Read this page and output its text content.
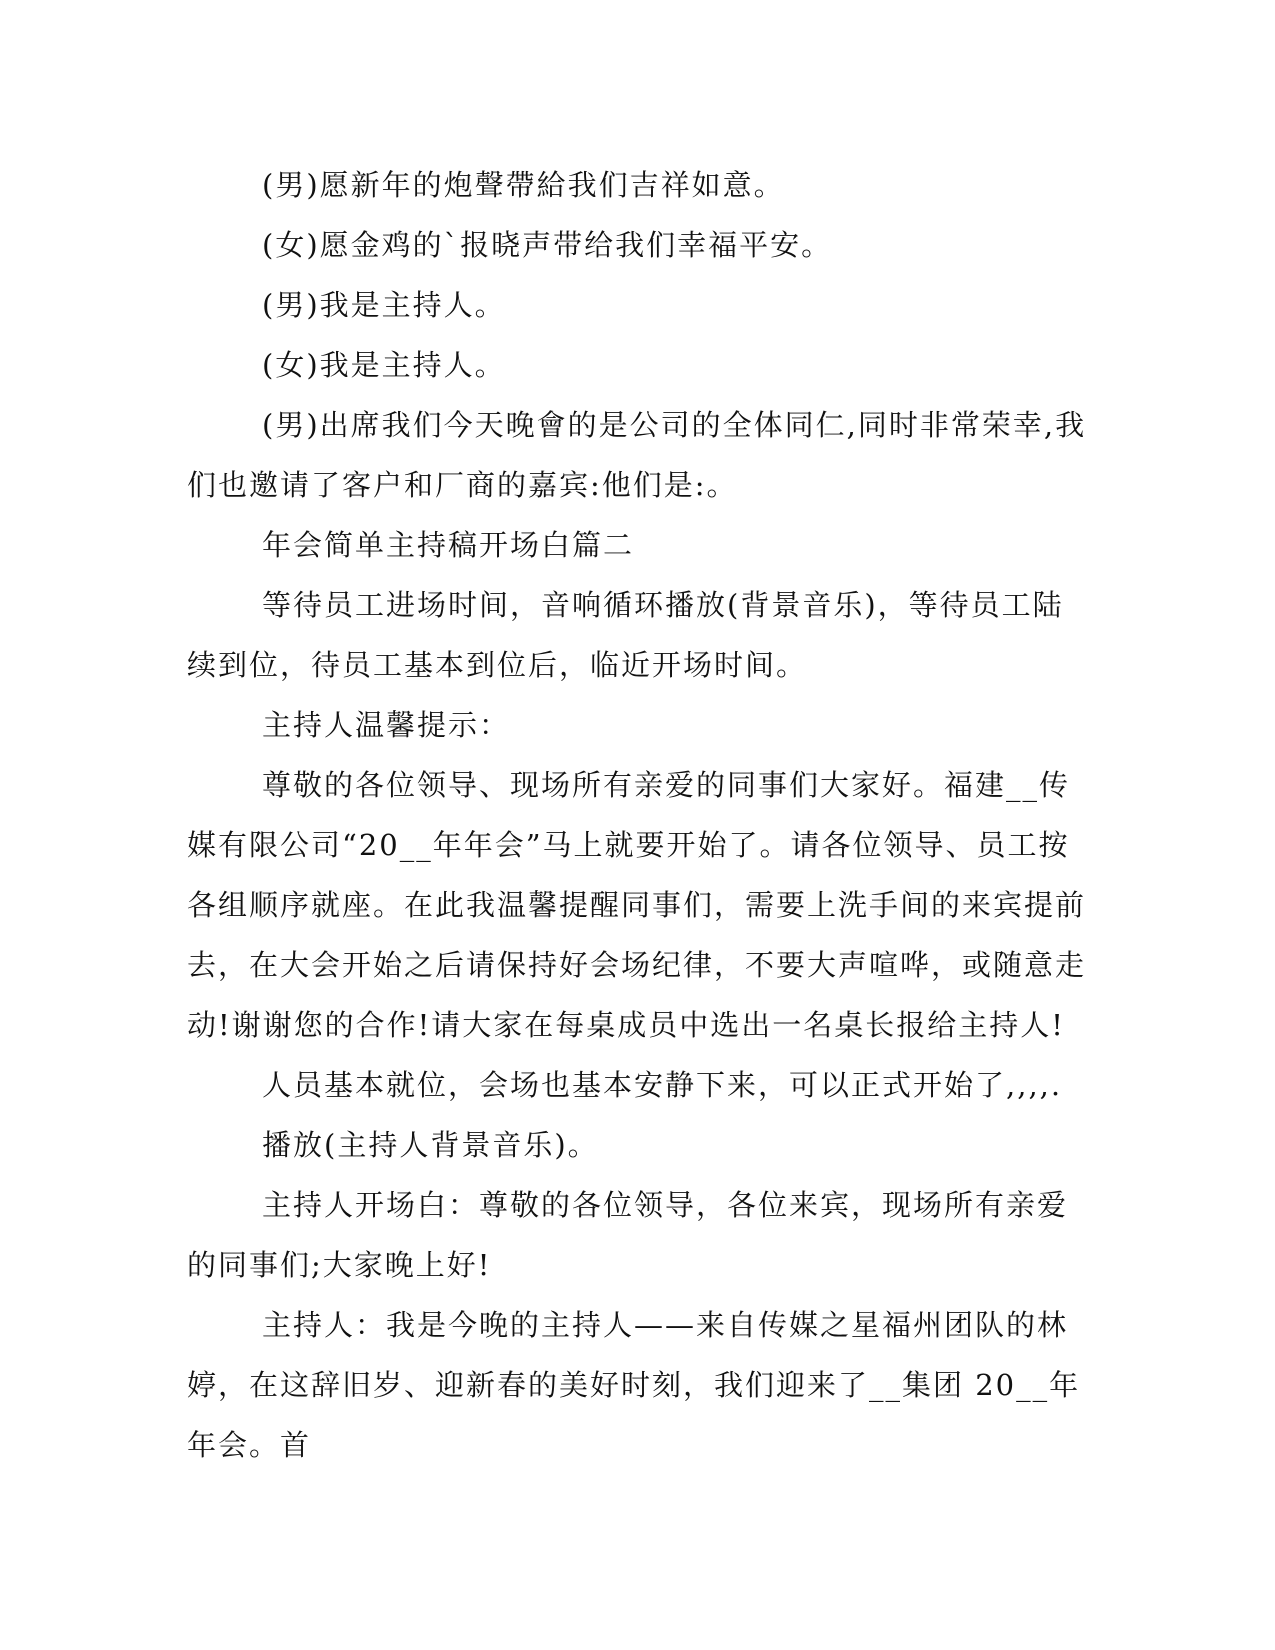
(男)愿新年的炮聲帶給我们吉祥如意。

(女)愿金鸡的`报晓声带给我们幸福平安。

(男)我是主持人。

(女)我是主持人。

(男)出席我们今天晚會的是公司的全体同仁,同时非常荣幸,我们也邀请了客户和厂商的嘉宾:他们是:。

年会简单主持稿开场白篇二

等待员工进场时间，音响循环播放(背景音乐)，等待员工陆续到位，待员工基本到位后，临近开场时间。

主持人温馨提示：

尊敬的各位领导、现场所有亲爱的同事们大家好。福建__传媒有限公司“20__年年会”马上就要开始了。请各位领导、员工按各组顺序就座。在此我温馨提醒同事们，需要上洗手间的来宾提前去，在大会开始之后请保持好会场纪律，不要大声喧哗，或随意走动!谢谢您的合作!请大家在每桌成员中选出一名桌长报给主持人!

人员基本就位，会场也基本安静下来，可以正式开始了,,,,.

播放(主持人背景音乐)。

主持人开场白：尊敬的各位领导，各位来宾，现场所有亲爱的同事们;大家晚上好!

主持人：我是今晚的主持人——来自传媒之星福州团队的林婷，在这辞旧岁、迎新春的美好时刻，我们迎来了__集团 20__年年会。首
